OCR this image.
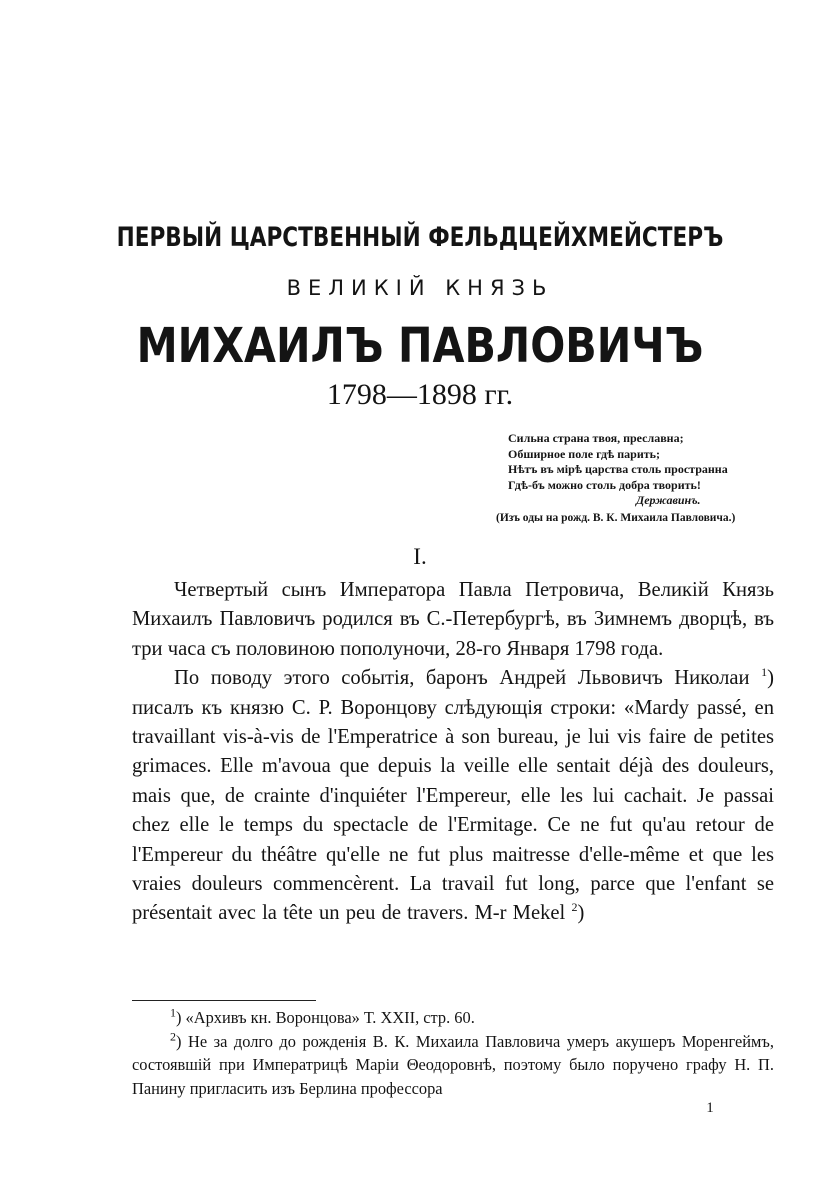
ПЕРВЫЙ ЦАРСТВЕННЫЙ ФЕЛЬДЦЕЙХМЕЙСТЕРЪ
ВЕЛИКІЙ КНЯЗЬ
МИХАИЛЪ ПАВЛОВИЧЪ
1798—1898 гг.
Сильна страна твоя, преславна;
Обширное поле гдѣ парить;
Нѣтъ въ мірѣ царства столь пространна
Гдѣ-бъ можно столь добра творить!
Державинъ.
(Изъ оды на рожд. В. К. Михаила Павловича.)
I.

Четвертый сынъ Императора Павла Петровича, Великій Князь Михаилъ Павловичъ родился въ С.-Петербургѣ, въ Зимнемъ дворцѣ, въ три часа съ половиною пополуночи, 28-го Января 1798 года.

По поводу этого событія, баронъ Андрей Львовичъ Николаи $^1$) писалъ къ князю С. Р. Воронцову слѣдующія строки: «Mardy passé, en travaillant vis-à-vis de l'Emperatrice à son bureau, je lui vis faire de petites grimaces. Elle m'avoua que depuis la veille elle sentait déjà des douleurs, mais que, de crainte d'inquiéter l'Empereur, elle les lui cachait. Je passai chez elle le temps du spectacle de l'Ermitage. Ce ne fut qu'au retour de l'Empereur du théâtre qu'elle ne fut plus maitresse d'elle-même et que les vraies douleurs commencèrent. La travail fut long, parce que l'enfant se présentait avec la tête un peu de travers. M-r Mekel $^2$)

$^1$) «Архивъ кн. Воронцова» Т. XXII, стр. 60.

$^2$) Не за долго до рожденія В. К. Михаила Павловича умеръ акушеръ Моренгеймъ, состоявшій при Императрицѣ Маріи Θеодоровнѣ, поэтому было поручено графу Н. П. Панину пригласить изъ Берлина профессора

1
